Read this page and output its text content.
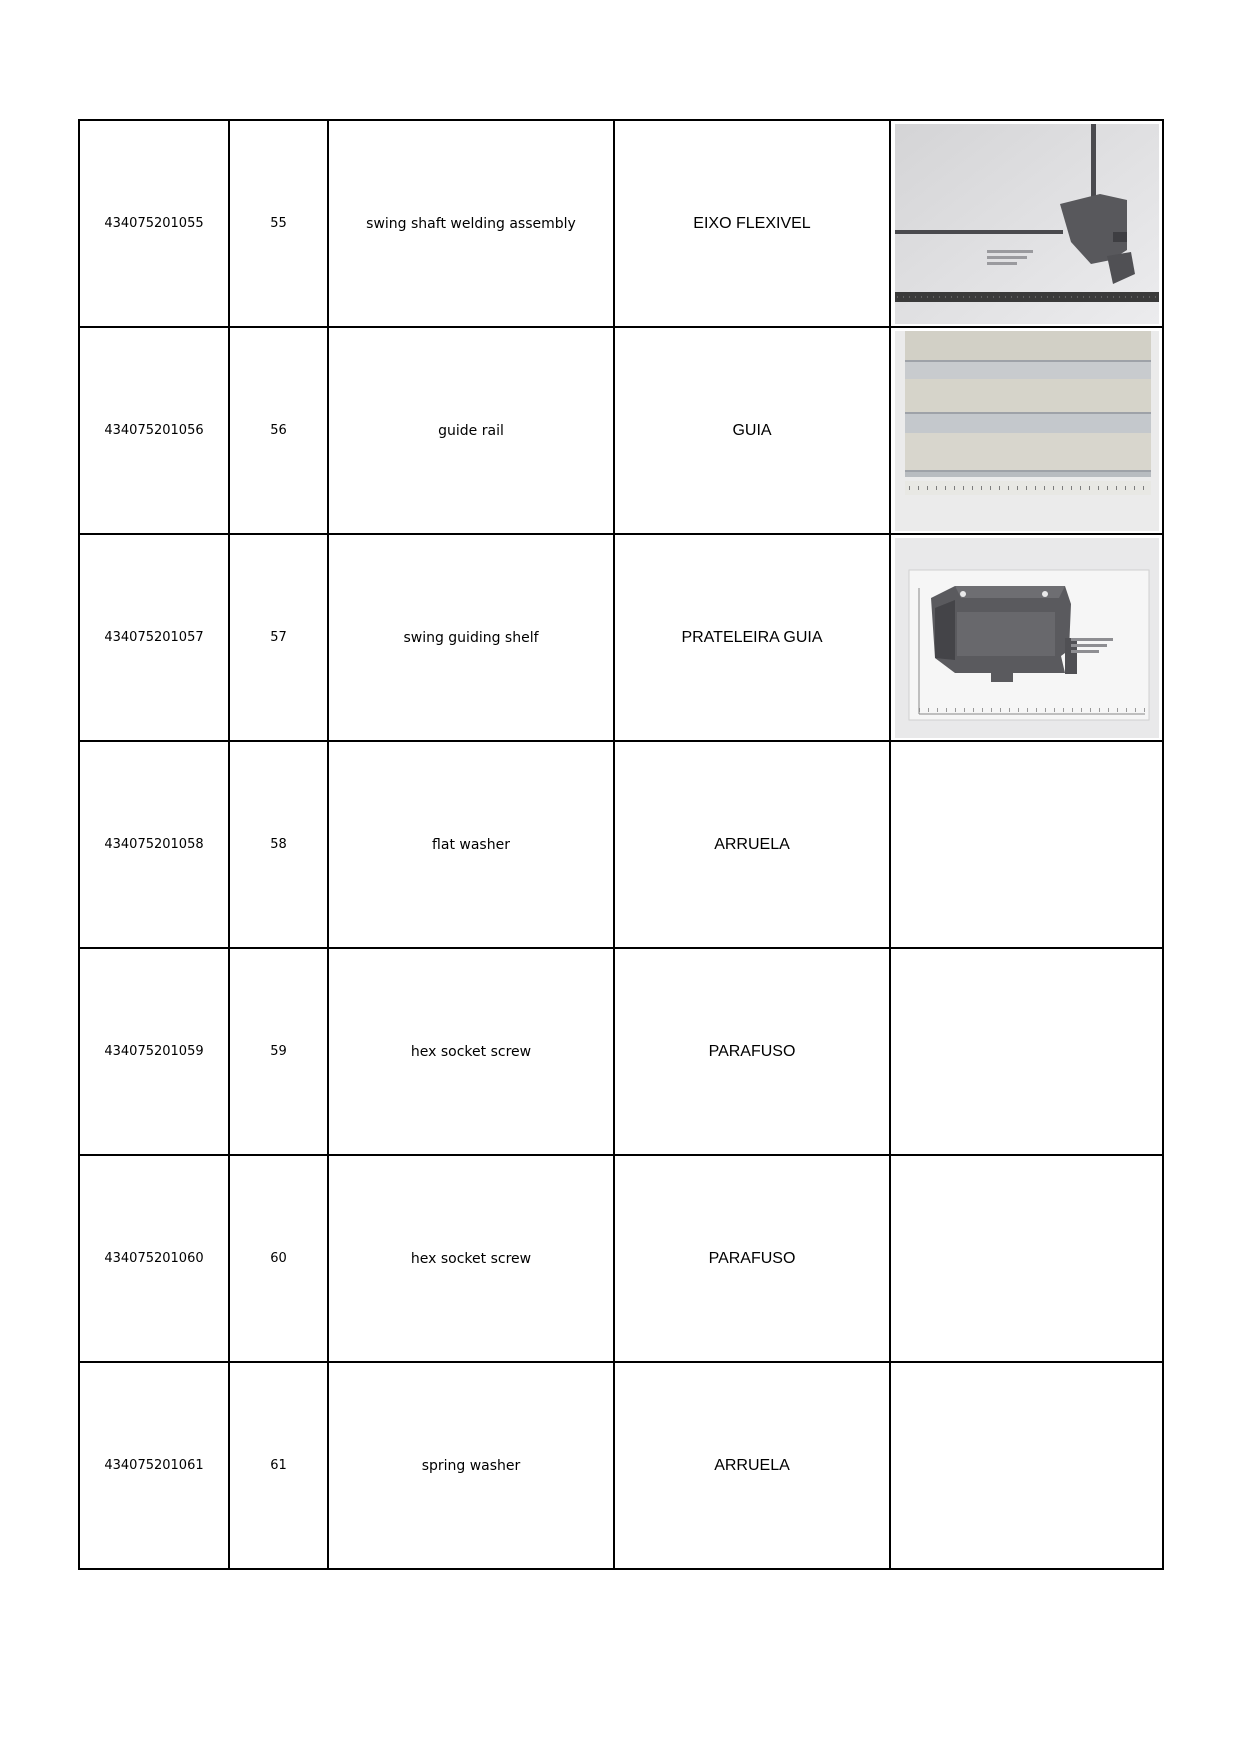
434075201055	55	swing shaft welding assembly	EIXO FLEXIVEL	

434075201056	56	guide rail	GUIA	

434075201057	57	swing guiding shelf	PRATELEIRA GUIA	

434075201058	58	flat washer	ARRUELA	
434075201059	59	hex socket screw	PARAFUSO	
434075201060	60	hex socket screw	PARAFUSO	
434075201061	61	spring washer	ARRUELA	
